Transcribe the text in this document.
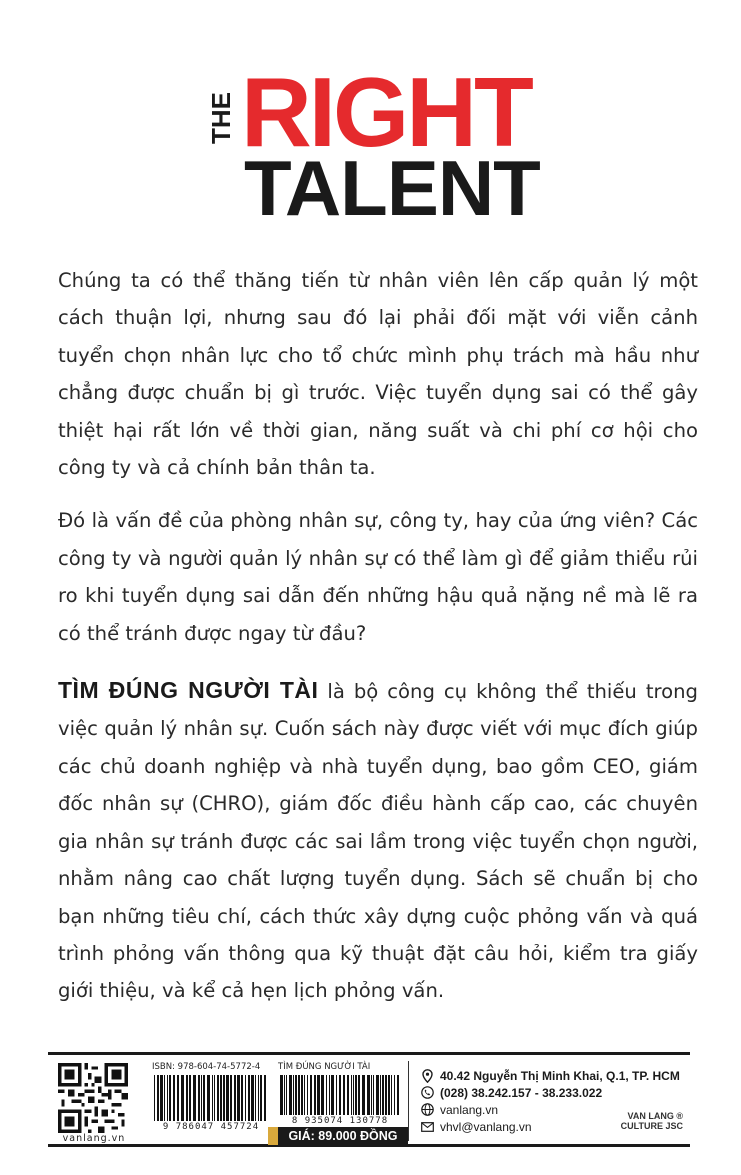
THE RIGHT
TALENT

Chúng ta có thể thăng tiến từ nhân viên lên cấp quản lý một cách thuận lợi, nhưng sau đó lại phải đối mặt với viễn cảnh tuyển chọn nhân lực cho tổ chức mình phụ trách mà hầu như chẳng được chuẩn bị gì trước. Việc tuyển dụng sai có thể gây thiệt hại rất lớn về thời gian, năng suất và chi phí cơ hội cho công ty và cả chính bản thân ta.

Đó là vấn đề của phòng nhân sự, công ty, hay của ứng viên? Các công ty và người quản lý nhân sự có thể làm gì để giảm thiểu rủi ro khi tuyển dụng sai dẫn đến những hậu quả nặng nề mà lẽ ra có thể tránh được ngay từ đầu?

TÌM ĐÚNG NGƯỜI TÀI là bộ công cụ không thể thiếu trong việc quản lý nhân sự. Cuốn sách này được viết với mục đích giúp các chủ doanh nghiệp và nhà tuyển dụng, bao gồm CEO, giám đốc nhân sự (CHRO), giám đốc điều hành cấp cao, các chuyên gia nhân sự tránh được các sai lầm trong việc tuyển chọn người, nhằm nâng cao chất lượng tuyển dụng. Sách sẽ chuẩn bị cho bạn những tiêu chí, cách thức xây dựng cuộc phỏng vấn và quá trình phỏng vấn thông qua kỹ thuật đặt câu hỏi, kiểm tra giấy giới thiệu, và kể cả hẹn lịch phỏng vấn.

vanlang.vn
ISBN: 978-604-74-5772-4
9 786047 457724
TÌM ĐÚNG NGƯỜI TÀI
8 935074 130778
GIÁ: 89.000 ĐỒNG
40.42 Nguyễn Thị Minh Khai, Q.1, TP. HCM
(028) 38.242.157 - 38.233.022
vanlang.vn
vhvl@vanlang.vn
VAN LANG ®
CULTURE JSC
